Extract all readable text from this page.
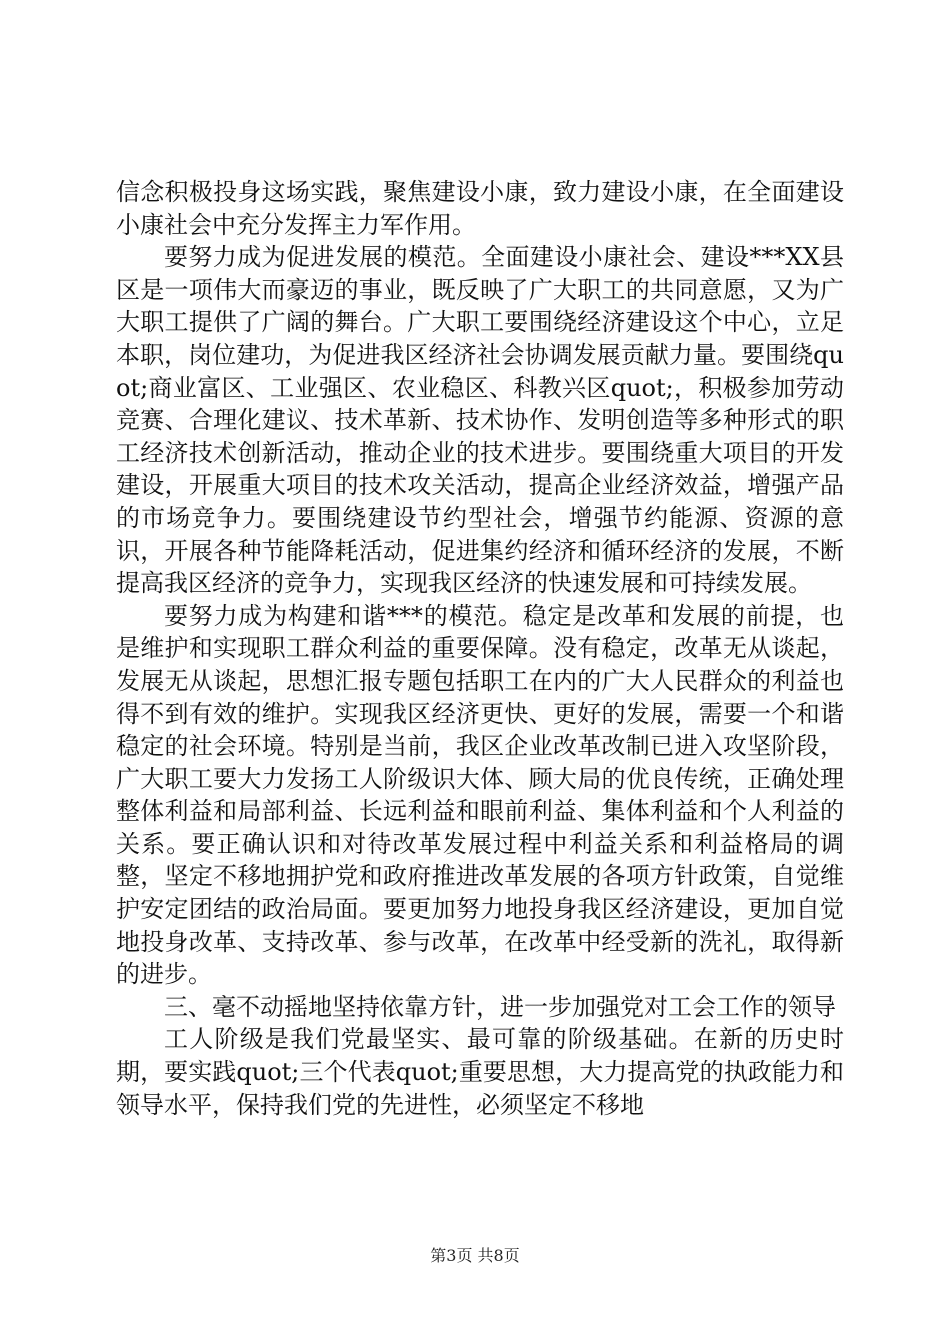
信念积极投身这场实践，聚焦建设小康，致力建设小康，在全面建设小康社会中充分发挥主力军作用。

要努力成为促进发展的模范。全面建设小康社会、建设***XX县区是一项伟大而豪迈的事业，既反映了广大职工的共同意愿，又为广大职工提供了广阔的舞台。广大职工要围绕经济建设这个中心，立足本职，岗位建功，为促进我区经济社会协调发展贡献力量。要围绕quot;商业富区、工业强区、农业稳区、科教兴区quot;，积极参加劳动竞赛、合理化建议、技术革新、技术协作、发明创造等多种形式的职工经济技术创新活动，推动企业的技术进步。要围绕重大项目的开发建设，开展重大项目的技术攻关活动，提高企业经济效益，增强产品的市场竞争力。要围绕建设节约型社会，增强节约能源、资源的意识，开展各种节能降耗活动，促进集约经济和循环经济的发展，不断提高我区经济的竞争力，实现我区经济的快速发展和可持续发展。

要努力成为构建和谐***的模范。稳定是改革和发展的前提，也是维护和实现职工群众利益的重要保障。没有稳定，改革无从谈起，发展无从谈起，思想汇报专题包括职工在内的广大人民群众的利益也得不到有效的维护。实现我区经济更快、更好的发展，需要一个和谐稳定的社会环境。特别是当前，我区企业改革改制已进入攻坚阶段，广大职工要大力发扬工人阶级识大体、顾大局的优良传统，正确处理整体利益和局部利益、长远利益和眼前利益、集体利益和个人利益的关系。要正确认识和对待改革发展过程中利益关系和利益格局的调整，坚定不移地拥护党和政府推进改革发展的各项方针政策，自觉维护安定团结的政治局面。要更加努力地投身我区经济建设，更加自觉地投身改革、支持改革、参与改革，在改革中经受新的洗礼，取得新的进步。

三、毫不动摇地坚持依靠方针，进一步加强党对工会工作的领导

工人阶级是我们党最坚实、最可靠的阶级基础。在新的历史时期，要实践quot;三个代表quot;重要思想，大力提高党的执政能力和领导水平，保持我们党的先进性，必须坚定不移地

第3页 共8页
